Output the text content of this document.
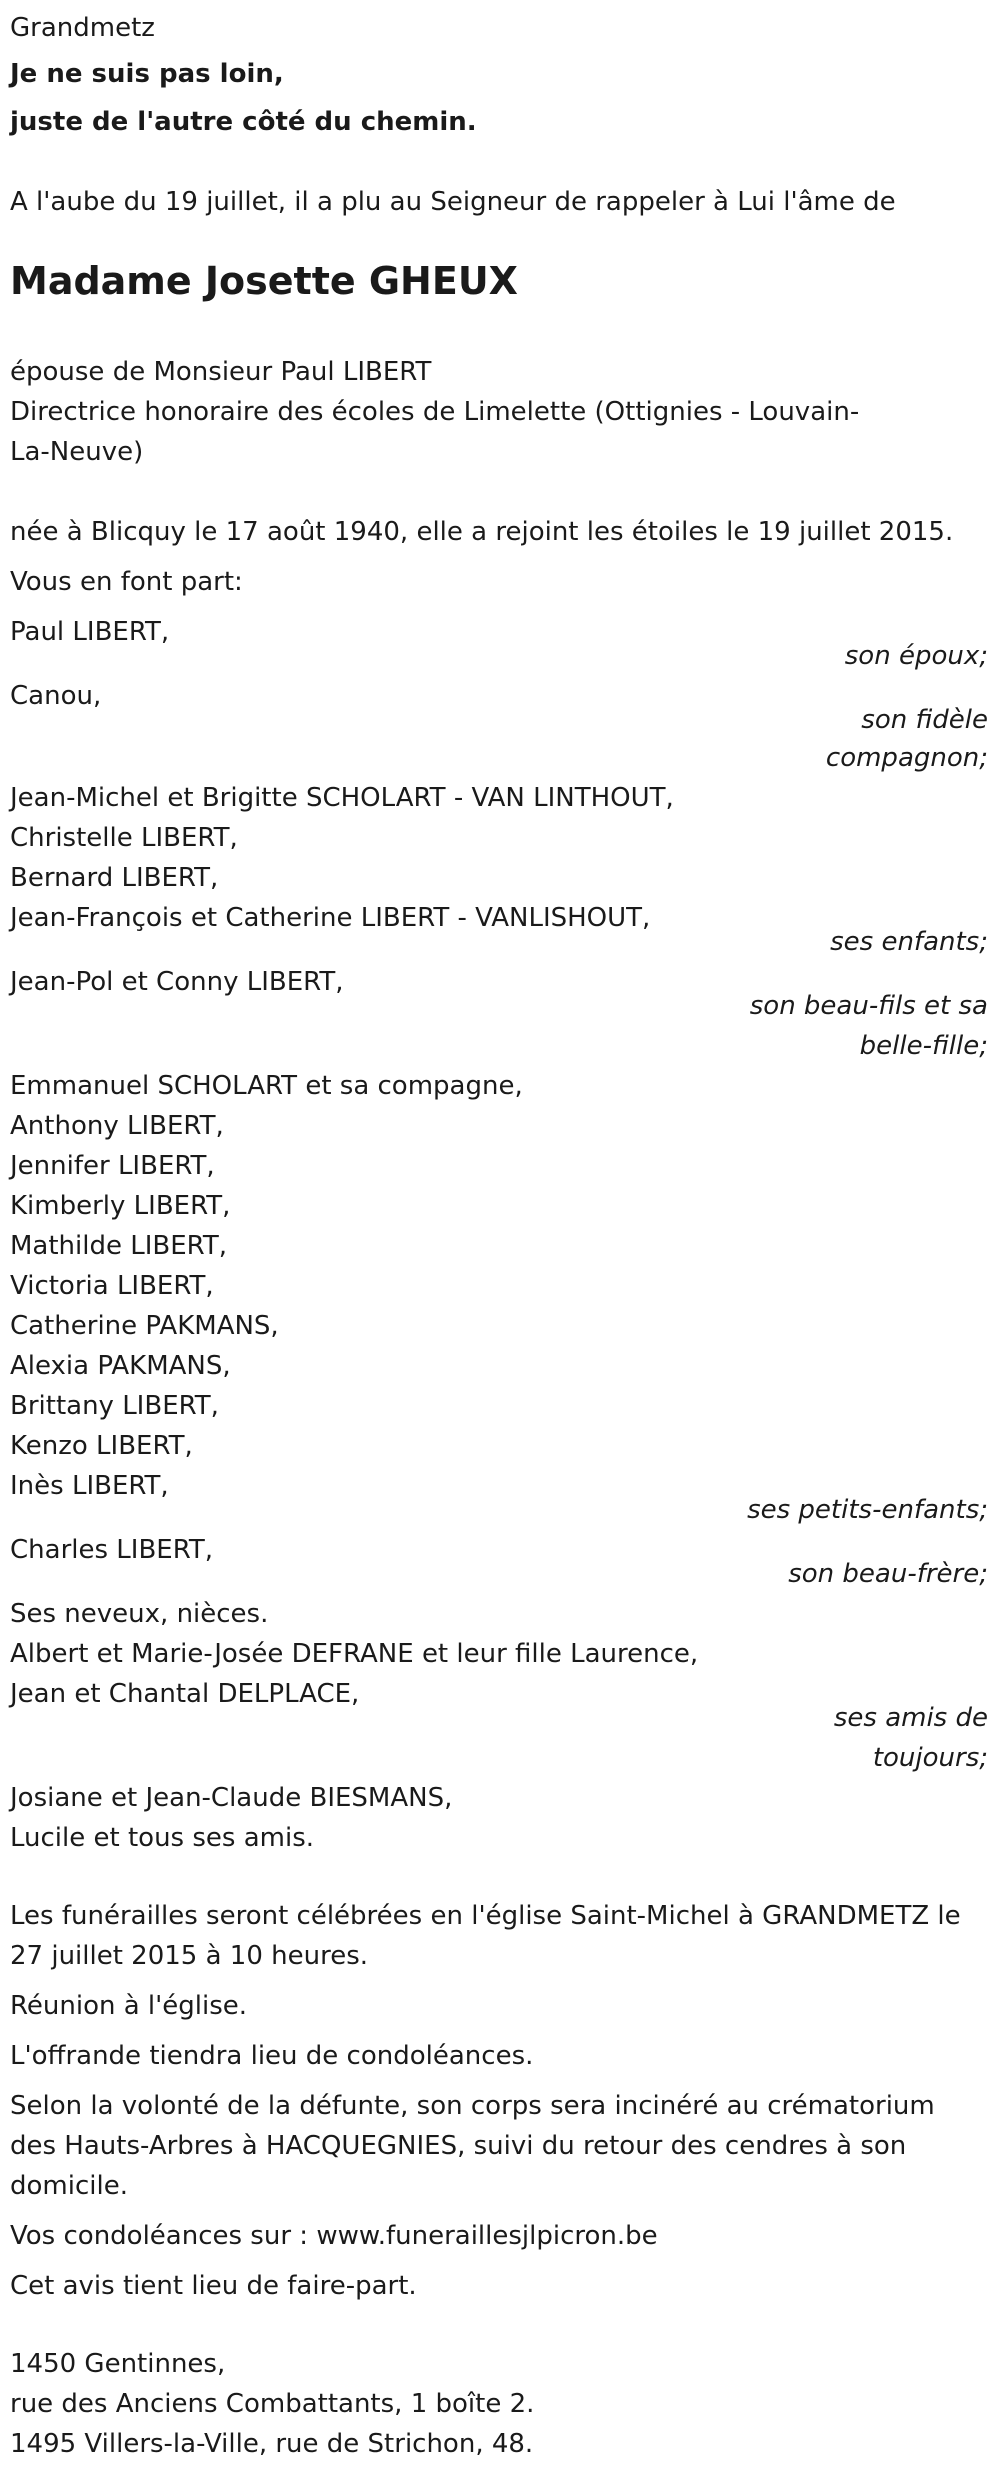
Grandmetz
Je ne suis pas loin,
juste de l'autre côté du chemin.
A l'aube du 19 juillet, il a plu au Seigneur de rappeler à Lui l'âme de
Madame Josette GHEUX
épouse de Monsieur Paul LIBERT
Directrice honoraire des écoles de Limelette (Ottignies - Louvain-
La-Neuve)
née à Blicquy le 17 août 1940, elle a rejoint les étoiles le 19 juillet 2015.
Vous en font part:
Paul LIBERT,
son époux;
Canou,
son fidèle
compagnon;
Jean-Michel et Brigitte SCHOLART - VAN LINTHOUT,
Christelle LIBERT,
Bernard LIBERT,
Jean-François et Catherine LIBERT - VANLISHOUT,
ses enfants;
Jean-Pol et Conny LIBERT,
son beau-fils et sa
belle-fille;
Emmanuel SCHOLART et sa compagne,
Anthony LIBERT,
Jennifer LIBERT,
Kimberly LIBERT,
Mathilde LIBERT,
Victoria LIBERT,
Catherine PAKMANS,
Alexia PAKMANS,
Brittany LIBERT,
Kenzo LIBERT,
Inès LIBERT,
ses petits-enfants;
Charles LIBERT,
son beau-frère;
Ses neveux, nièces.
Albert et Marie-Josée DEFRANE et leur fille Laurence,
Jean et Chantal DELPLACE,
ses amis de
toujours;
Josiane et Jean-Claude BIESMANS,
Lucile et tous ses amis.
Les funérailles seront célébrées en l'église Saint-Michel à GRANDMETZ le
27 juillet 2015 à 10 heures.
Réunion à l'église.
L'offrande tiendra lieu de condoléances.
Selon la volonté de la défunte, son corps sera incinéré au crématorium
des Hauts-Arbres à HACQUEGNIES, suivi du retour des cendres à son
domicile.
Vos condoléances sur : www.funeraillesjlpicron.be
Cet avis tient lieu de faire-part.
1450 Gentinnes,
rue des Anciens Combattants, 1 boîte 2.
1495 Villers-la-Ville, rue de Strichon, 48.
